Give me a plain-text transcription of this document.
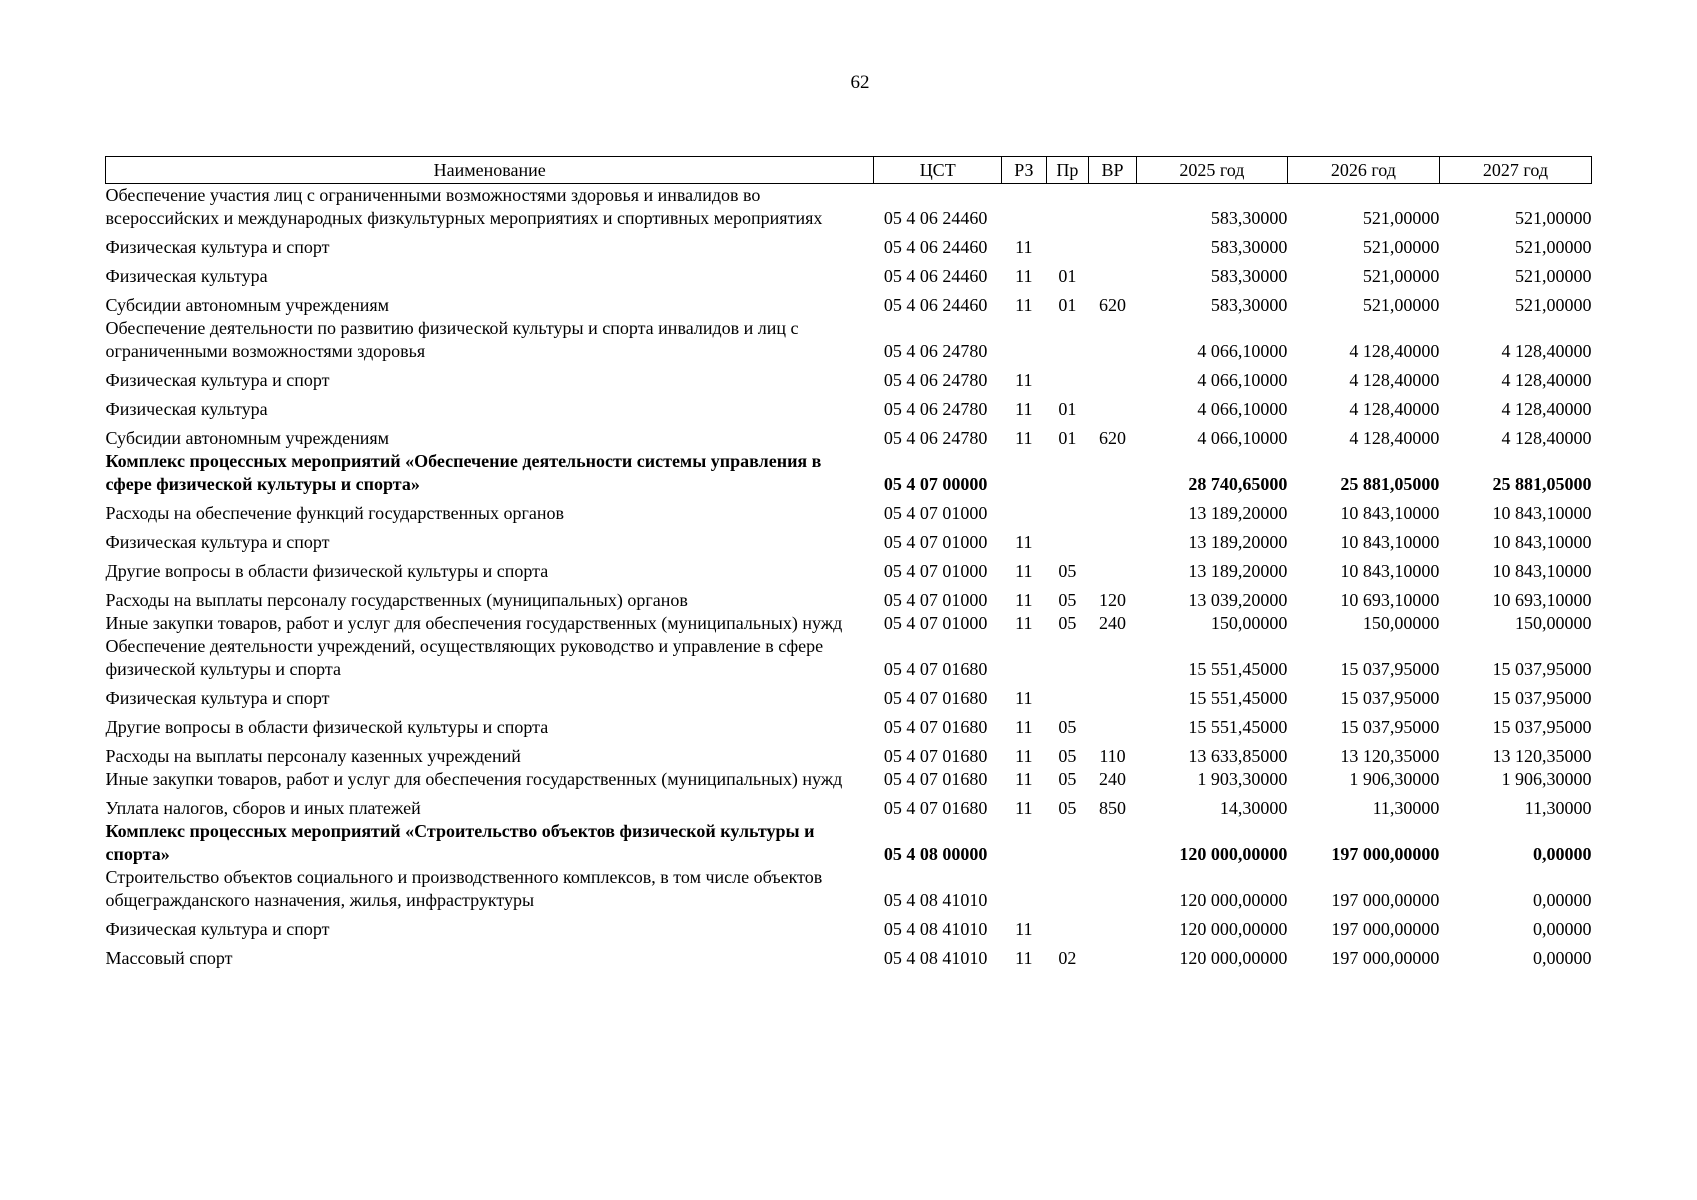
62
Наименование	ЦСТ	РЗ	Пр	ВР	2025 год	2026 год	2027 год
Обеспечение участия лиц с ограниченными возможностями здоровья и инвалидов во всероссийских и международных физкультурных мероприятиях и спортивных мероприятиях	05 4 06 24460				583,30000	521,00000	521,00000
Физическая культура и спорт	05 4 06 24460	11			583,30000	521,00000	521,00000
Физическая культура	05 4 06 24460	11	01		583,30000	521,00000	521,00000
Субсидии автономным учреждениям	05 4 06 24460	11	01	620	583,30000	521,00000	521,00000
Обеспечение деятельности по развитию физической культуры и спорта инвалидов и лиц с ограниченными возможностями здоровья	05 4 06 24780				4 066,10000	4 128,40000	4 128,40000
Физическая культура и спорт	05 4 06 24780	11			4 066,10000	4 128,40000	4 128,40000
Физическая культура	05 4 06 24780	11	01		4 066,10000	4 128,40000	4 128,40000
Субсидии автономным учреждениям	05 4 06 24780	11	01	620	4 066,10000	4 128,40000	4 128,40000
Комплекс процессных мероприятий «Обеспечение деятельности системы управления в сфере физической культуры и спорта»	05 4 07 00000				28 740,65000	25 881,05000	25 881,05000
Расходы на обеспечение функций государственных органов	05 4 07 01000				13 189,20000	10 843,10000	10 843,10000
Физическая культура и спорт	05 4 07 01000	11			13 189,20000	10 843,10000	10 843,10000
Другие вопросы в области физической культуры и спорта	05 4 07 01000	11	05		13 189,20000	10 843,10000	10 843,10000
Расходы на выплаты персоналу государственных (муниципальных) органов	05 4 07 01000	11	05	120	13 039,20000	10 693,10000	10 693,10000
Иные закупки товаров, работ и услуг для обеспечения государственных (муниципальных) нужд	05 4 07 01000	11	05	240	150,00000	150,00000	150,00000
Обеспечение деятельности учреждений, осуществляющих руководство и управление в сфере физической культуры и спорта	05 4 07 01680				15 551,45000	15 037,95000	15 037,95000
Физическая культура и спорт	05 4 07 01680	11			15 551,45000	15 037,95000	15 037,95000
Другие вопросы в области физической культуры и спорта	05 4 07 01680	11	05		15 551,45000	15 037,95000	15 037,95000
Расходы на выплаты персоналу казенных учреждений	05 4 07 01680	11	05	110	13 633,85000	13 120,35000	13 120,35000
Иные закупки товаров, работ и услуг для обеспечения государственных (муниципальных) нужд	05 4 07 01680	11	05	240	1 903,30000	1 906,30000	1 906,30000
Уплата налогов, сборов и иных платежей	05 4 07 01680	11	05	850	14,30000	11,30000	11,30000
Комплекс процессных мероприятий «Строительство объектов физической культуры и спорта»	05 4 08 00000				120 000,00000	197 000,00000	0,00000
Строительство объектов социального и производственного комплексов, в том числе объектов общегражданского назначения, жилья, инфраструктуры	05 4 08 41010				120 000,00000	197 000,00000	0,00000
Физическая культура и спорт	05 4 08 41010	11			120 000,00000	197 000,00000	0,00000
Массовый спорт	05 4 08 41010	11	02		120 000,00000	197 000,00000	0,00000
